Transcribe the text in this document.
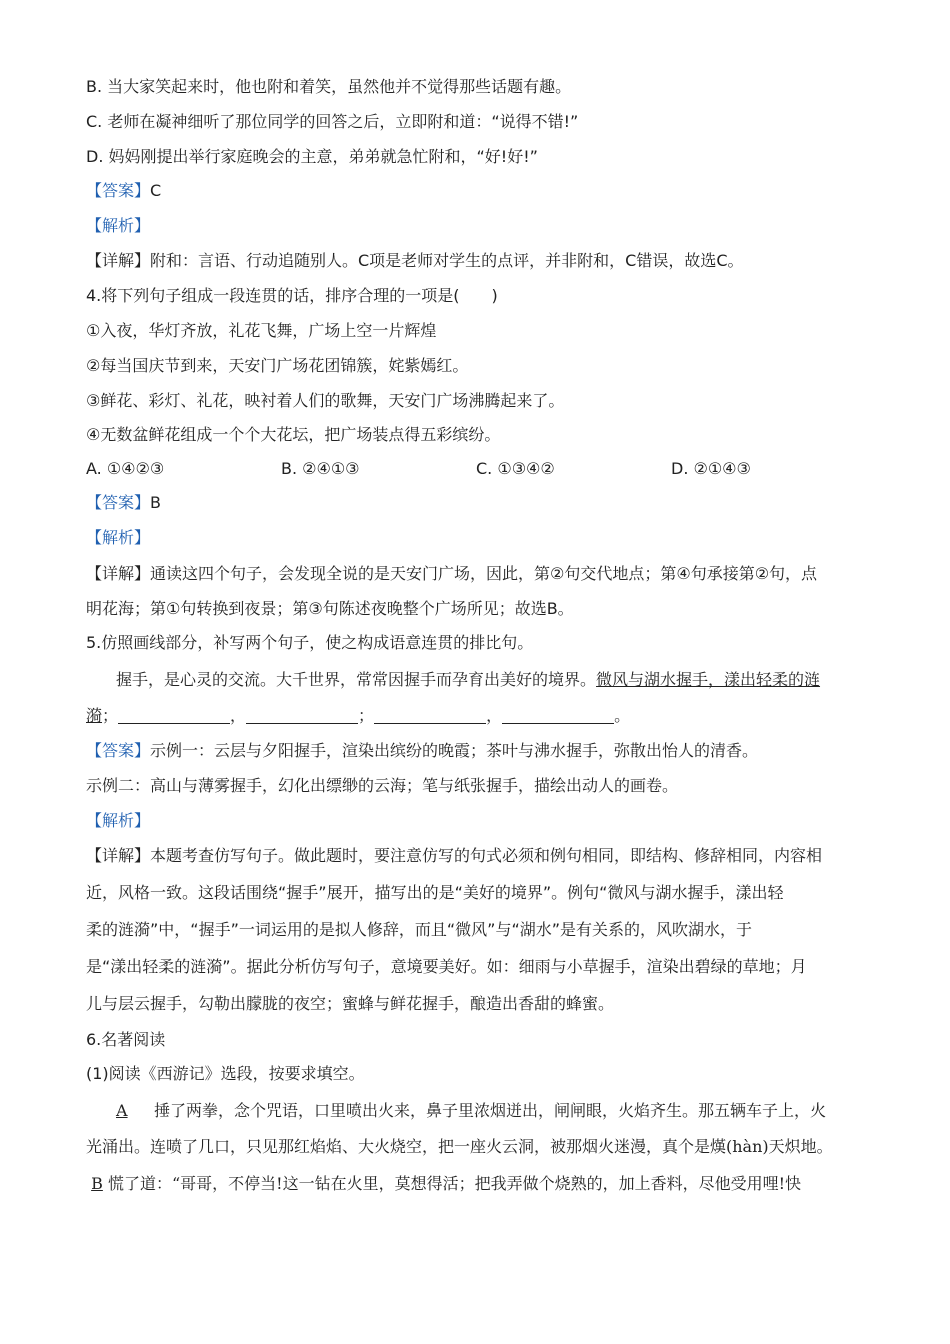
B. 当大家笑起来时，他也附和着笑，虽然他并不觉得那些话题有趣。
C. 老师在凝神细听了那位同学的回答之后，立即附和道：“说得不错!”
D. 妈妈刚提出举行家庭晚会的主意，弟弟就急忙附和，“好!好!”
【答案】C
【解析】
【详解】附和：言语、行动追随别人。C项是老师对学生的点评，并非附和，C错误，故选C。
4.将下列句子组成一段连贯的话，排序合理的一项是(　　)
①入夜，华灯齐放，礼花飞舞，广场上空一片辉煌
②每当国庆节到来，天安门广场花团锦簇，姹紫嫣红。
③鲜花、彩灯、礼花，映衬着人们的歌舞，天安门广场沸腾起来了。
④无数盆鲜花组成一个个大花坛，把广场装点得五彩缤纷。
A. ①④②③	B. ②④①③	C. ①③④②	D. ②①④③
【答案】B
【解析】
【详解】通读这四个句子，会发现全说的是天安门广场，因此，第②句交代地点；第④句承接第②句，点
明花海；第①句转换到夜景；第③句陈述夜晚整个广场所见；故选B。
5.仿照画线部分，补写两个句子，使之构成语意连贯的排比句。
握手，是心灵的交流。大千世界，常常因握手而孕育出美好的境界。微风与湖水握手，漾出轻柔的涟
漪；	，	；	，	。
【答案】示例一：云层与夕阳握手，渲染出缤纷的晚霞；茶叶与沸水握手，弥散出怡人的清香。
示例二：高山与薄雾握手，幻化出缥缈的云海；笔与纸张握手，描绘出动人的画卷。
【解析】
【详解】本题考查仿写句子。做此题时，要注意仿写的句式必须和例句相同，即结构、修辞相同，内容相
近，风格一致。这段话围绕“握手”展开，描写出的是“美好的境界”。例句“微风与湖水握手，漾出轻
柔的涟漪”中，“握手”一词运用的是拟人修辞，而且“微风”与“湖水”是有关系的，风吹湖水，于
是“漾出轻柔的涟漪”。据此分析仿写句子，意境要美好。如：细雨与小草握手，渲染出碧绿的草地；月
儿与层云握手，勾勒出朦胧的夜空；蜜蜂与鲜花握手，酿造出香甜的蜂蜜。
6.名著阅读
(1)阅读《西游记》选段，按要求填空。
A 捶了两拳，念个咒语，口里喷出火来，鼻子里浓烟迸出，闸闸眼，火焰齐生。那五辆车子上，火
光涌出。连喷了几口，只见那红焰焰、大火烧空，把一座火云洞，被那烟火迷漫，真个是熯(hàn)天炽地。
B 慌了道：“哥哥，不停当!这一钻在火里，莫想得活；把我弄做个烧熟的，加上香料，尽他受用哩!快
